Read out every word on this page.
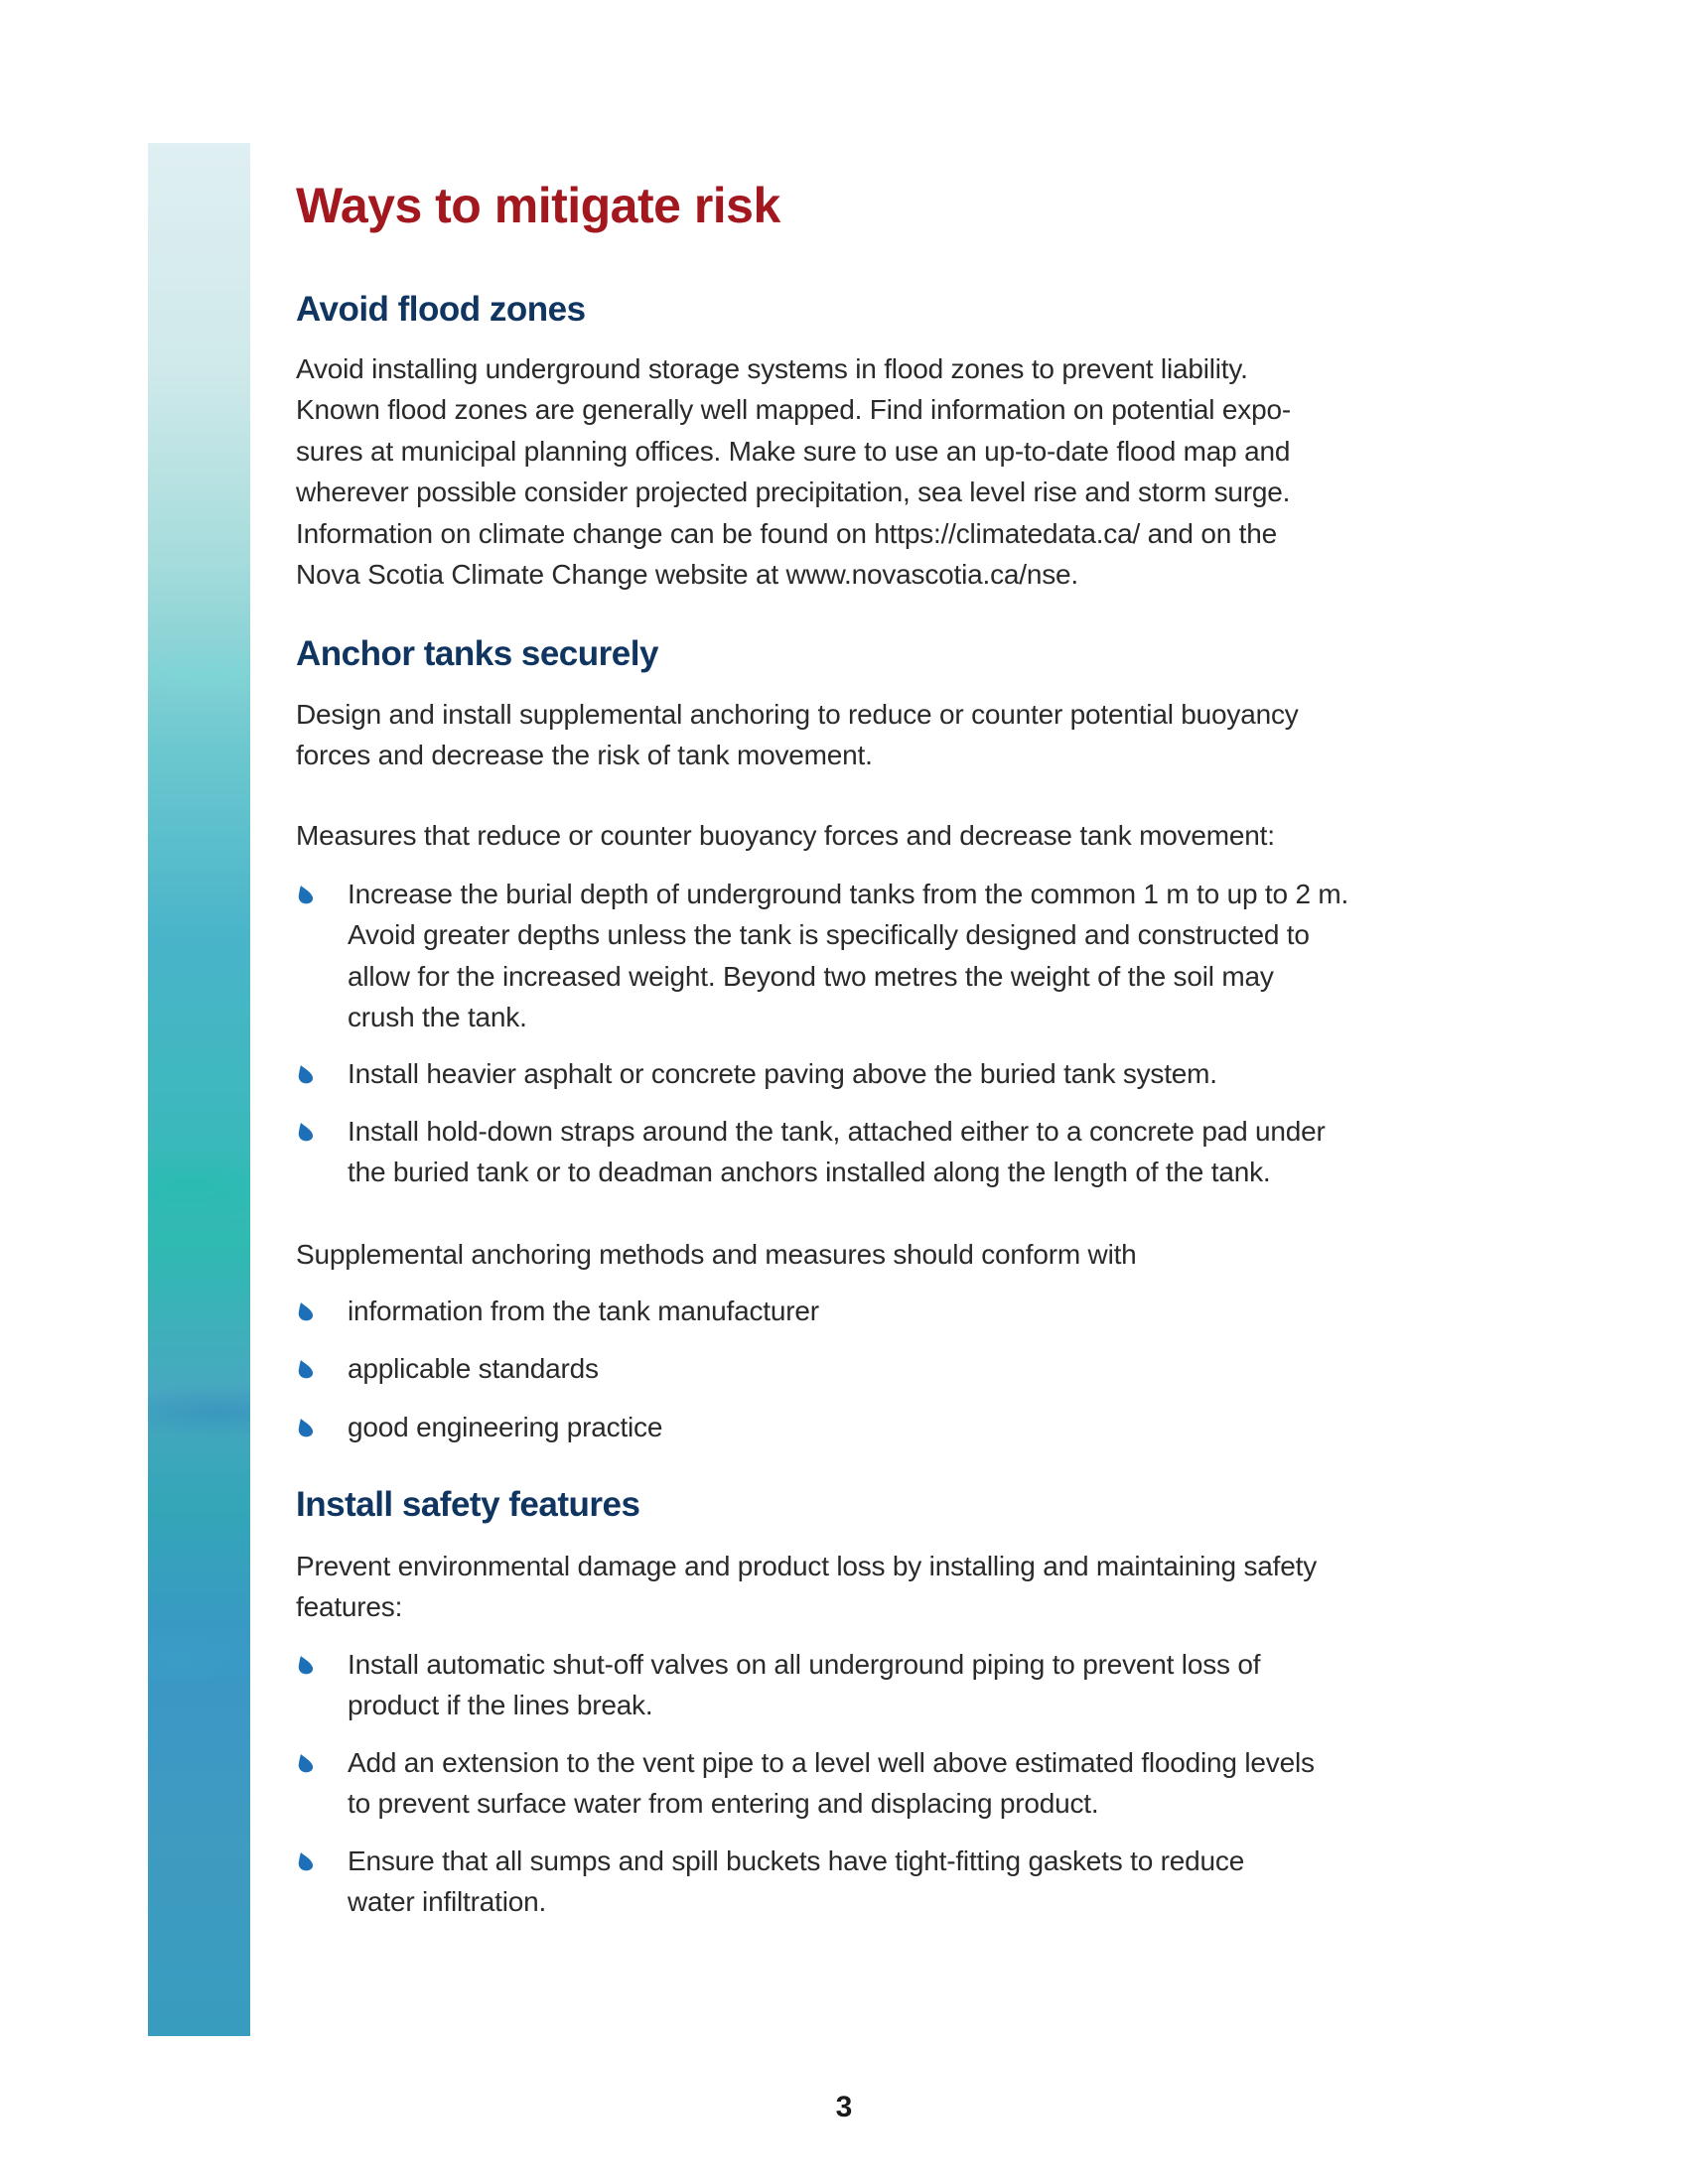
Ways to mitigate risk
Avoid flood zones
Avoid installing underground storage systems in flood zones to prevent liability.
Known flood zones are generally well mapped. Find information on potential expo-
sures at municipal planning offices. Make sure to use an up-to-date flood map and
wherever possible consider projected precipitation, sea level rise and storm surge.
Information on climate change can be found on https://climatedata.ca/ and on the
Nova Scotia Climate Change website at www.novascotia.ca/nse.
Anchor tanks securely
Design and install supplemental anchoring to reduce or counter potential buoyancy
forces and decrease the risk of tank movement.
Measures that reduce or counter buoyancy forces and decrease tank movement:
Increase the burial depth of underground tanks from the common 1 m to up to 2 m.
Avoid greater depths unless the tank is specifically designed and constructed to
allow for the increased weight. Beyond two metres the weight of the soil may
crush the tank.
Install heavier asphalt or concrete paving above the buried tank system.
Install hold-down straps around the tank, attached either to a concrete pad under
the buried tank or to deadman anchors installed along the length of the tank.
Supplemental anchoring methods and measures should conform with
information from the tank manufacturer
applicable standards
good engineering practice
Install safety features
Prevent environmental damage and product loss by installing and maintaining safety
features:
Install automatic shut-off valves on all underground piping to prevent loss of
product if the lines break.
Add an extension to the vent pipe to a level well above estimated flooding levels
to prevent surface water from entering and displacing product.
Ensure that all sumps and spill buckets have tight-fitting gaskets to reduce
water infiltration.
3
